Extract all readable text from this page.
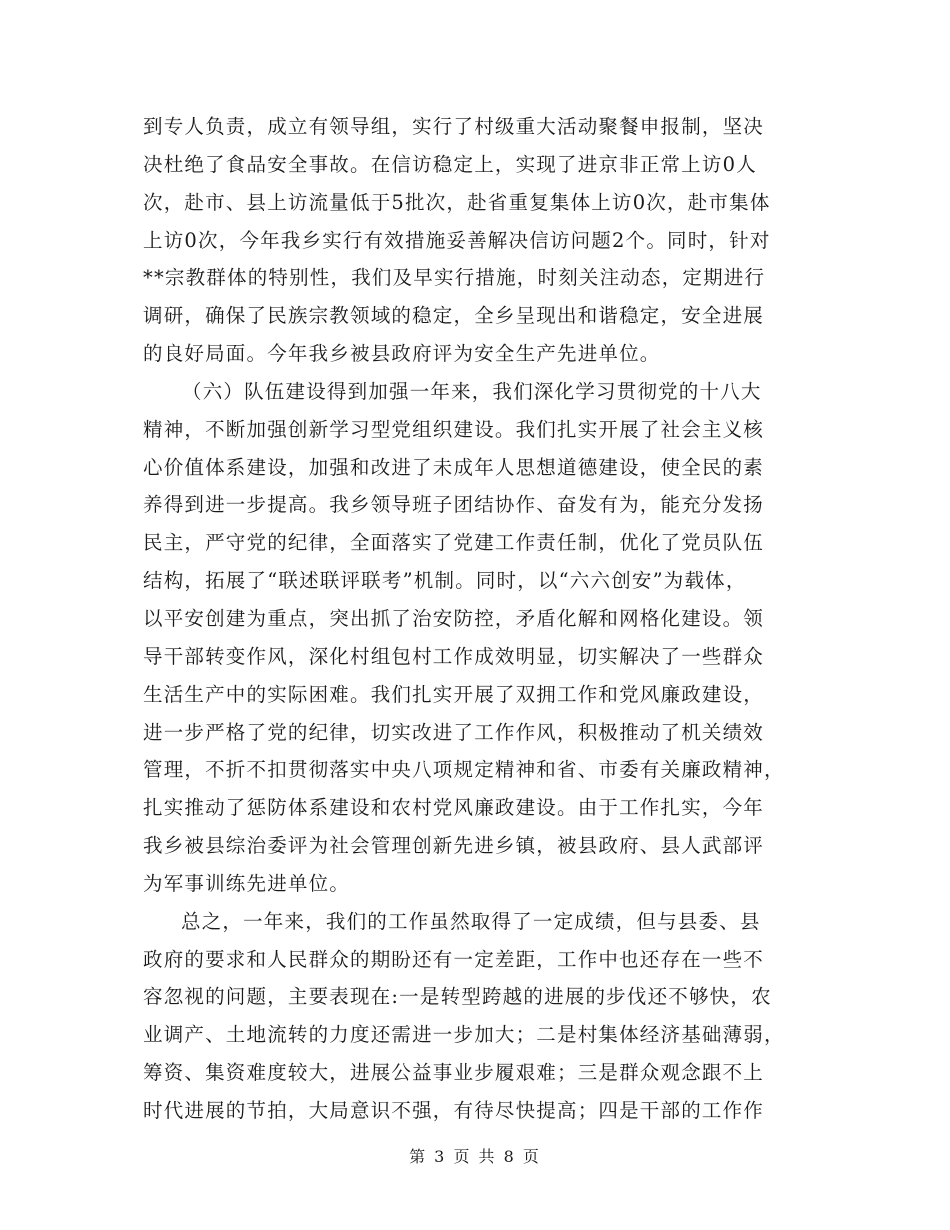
到专人负责，成立有领导组，实行了村级重大活动聚餐申报制，坚决
决杜绝了食品安全事故。在信访稳定上，实现了进京非正常上访0人
次，赴市、县上访流量低于5批次，赴省重复集体上访0次，赴市集体
上访0次，今年我乡实行有效措施妥善解决信访问题2个。同时，针对
**宗教群体的特别性，我们及早实行措施，时刻关注动态，定期进行
调研，确保了民族宗教领域的稳定，全乡呈现出和谐稳定，安全进展
的良好局面。今年我乡被县政府评为安全生产先进单位。
（六）队伍建设得到加强一年来，我们深化学习贯彻党的十八大
精神，不断加强创新学习型党组织建设。我们扎实开展了社会主义核
心价值体系建设，加强和改进了未成年人思想道德建设，使全民的素
养得到进一步提高。我乡领导班子团结协作、奋发有为，能充分发扬
民主，严守党的纪律，全面落实了党建工作责任制，优化了党员队伍
结构，拓展了“联述联评联考”机制。同时，以“六六创安”为载体，
以平安创建为重点，突出抓了治安防控，矛盾化解和网格化建设。领
导干部转变作风，深化村组包村工作成效明显，切实解决了一些群众
生活生产中的实际困难。我们扎实开展了双拥工作和党风廉政建设，
进一步严格了党的纪律，切实改进了工作作风，积极推动了机关绩效
管理，不折不扣贯彻落实中央八项规定精神和省、市委有关廉政精神，
扎实推动了惩防体系建设和农村党风廉政建设。由于工作扎实，今年
我乡被县综治委评为社会管理创新先进乡镇，被县政府、县人武部评
为军事训练先进单位。
总之，一年来，我们的工作虽然取得了一定成绩，但与县委、县
政府的要求和人民群众的期盼还有一定差距，工作中也还存在一些不
容忽视的问题，主要表现在:一是转型跨越的进展的步伐还不够快，农
业调产、土地流转的力度还需进一步加大；二是村集体经济基础薄弱，
筹资、集资难度较大，进展公益事业步履艰难；三是群众观念跟不上
时代进展的节拍，大局意识不强，有待尽快提高；四是干部的工作作
第 3 页 共 8 页
